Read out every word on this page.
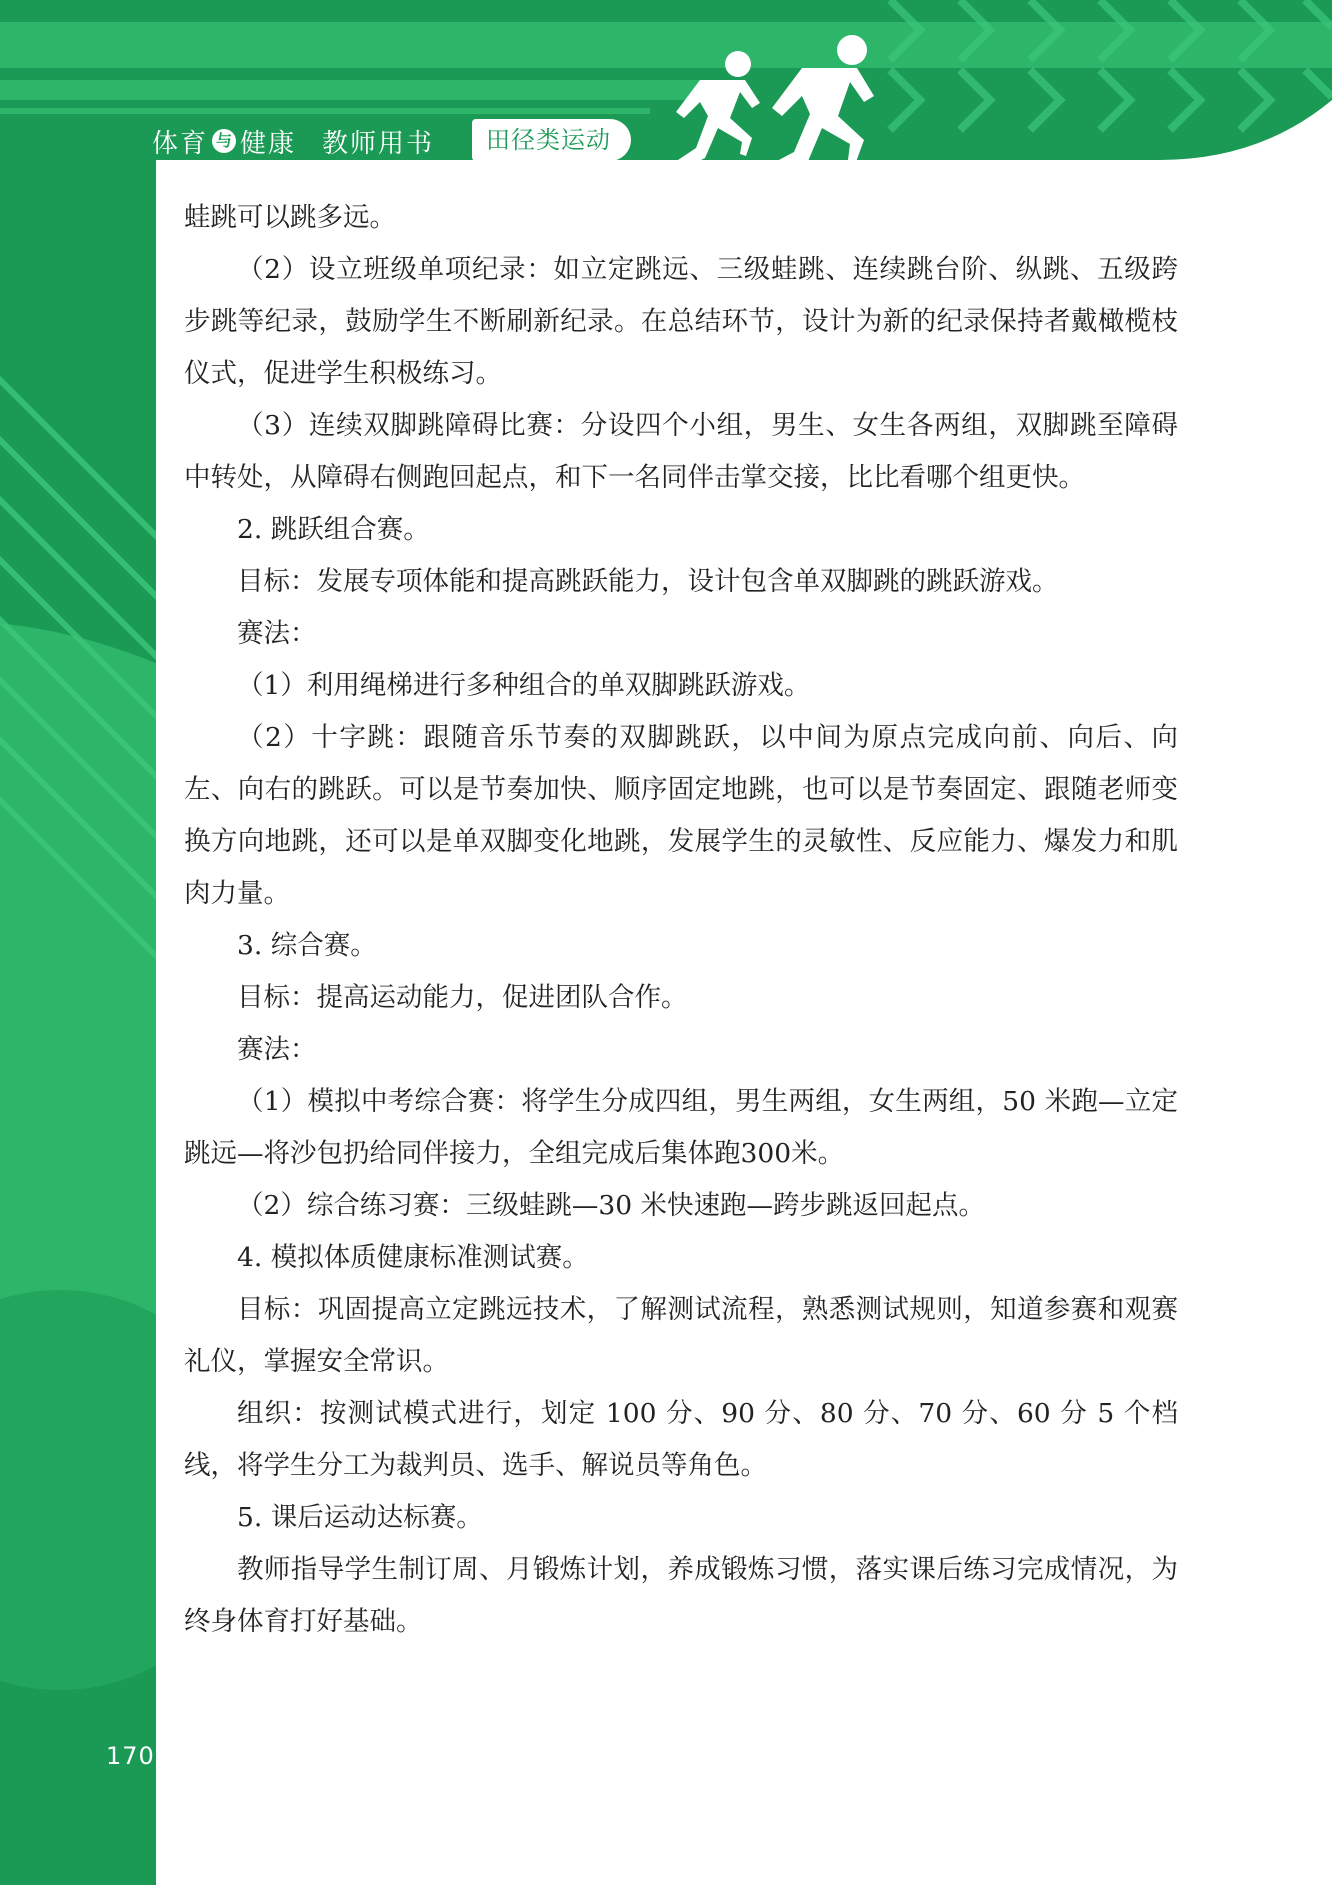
体育 与 健康 教师用书	田径类运动

蛙跳可以跳多远。

（2）设立班级单项纪录：如立定跳远、三级蛙跳、连续跳台阶、纵跳、五级跨步跳等纪录，鼓励学生不断刷新纪录。在总结环节，设计为新的纪录保持者戴橄榄枝仪式，促进学生积极练习。

（3）连续双脚跳障碍比赛：分设四个小组，男生、女生各两组，双脚跳至障碍中转处，从障碍右侧跑回起点，和下一名同伴击掌交接，比比看哪个组更快。

2. 跳跃组合赛。

目标：发展专项体能和提高跳跃能力，设计包含单双脚跳的跳跃游戏。

赛法：

（1）利用绳梯进行多种组合的单双脚跳跃游戏。

（2）十字跳：跟随音乐节奏的双脚跳跃，以中间为原点完成向前、向后、向左、向右的跳跃。可以是节奏加快、顺序固定地跳，也可以是节奏固定、跟随老师变换方向地跳，还可以是单双脚变化地跳，发展学生的灵敏性、反应能力、爆发力和肌肉力量。

3. 综合赛。

目标：提高运动能力，促进团队合作。

赛法：

（1）模拟中考综合赛：将学生分成四组，男生两组，女生两组，50 米跑—立定跳远—将沙包扔给同伴接力，全组完成后集体跑300米。

（2）综合练习赛：三级蛙跳—30 米快速跑—跨步跳返回起点。

4. 模拟体质健康标准测试赛。

目标：巩固提高立定跳远技术，了解测试流程，熟悉测试规则，知道参赛和观赛礼仪，掌握安全常识。

组织：按测试模式进行，划定 100 分、90 分、80 分、70 分、60 分 5 个档线，将学生分工为裁判员、选手、解说员等角色。

5. 课后运动达标赛。

教师指导学生制订周、月锻炼计划，养成锻炼习惯，落实课后练习完成情况，为终身体育打好基础。

170
